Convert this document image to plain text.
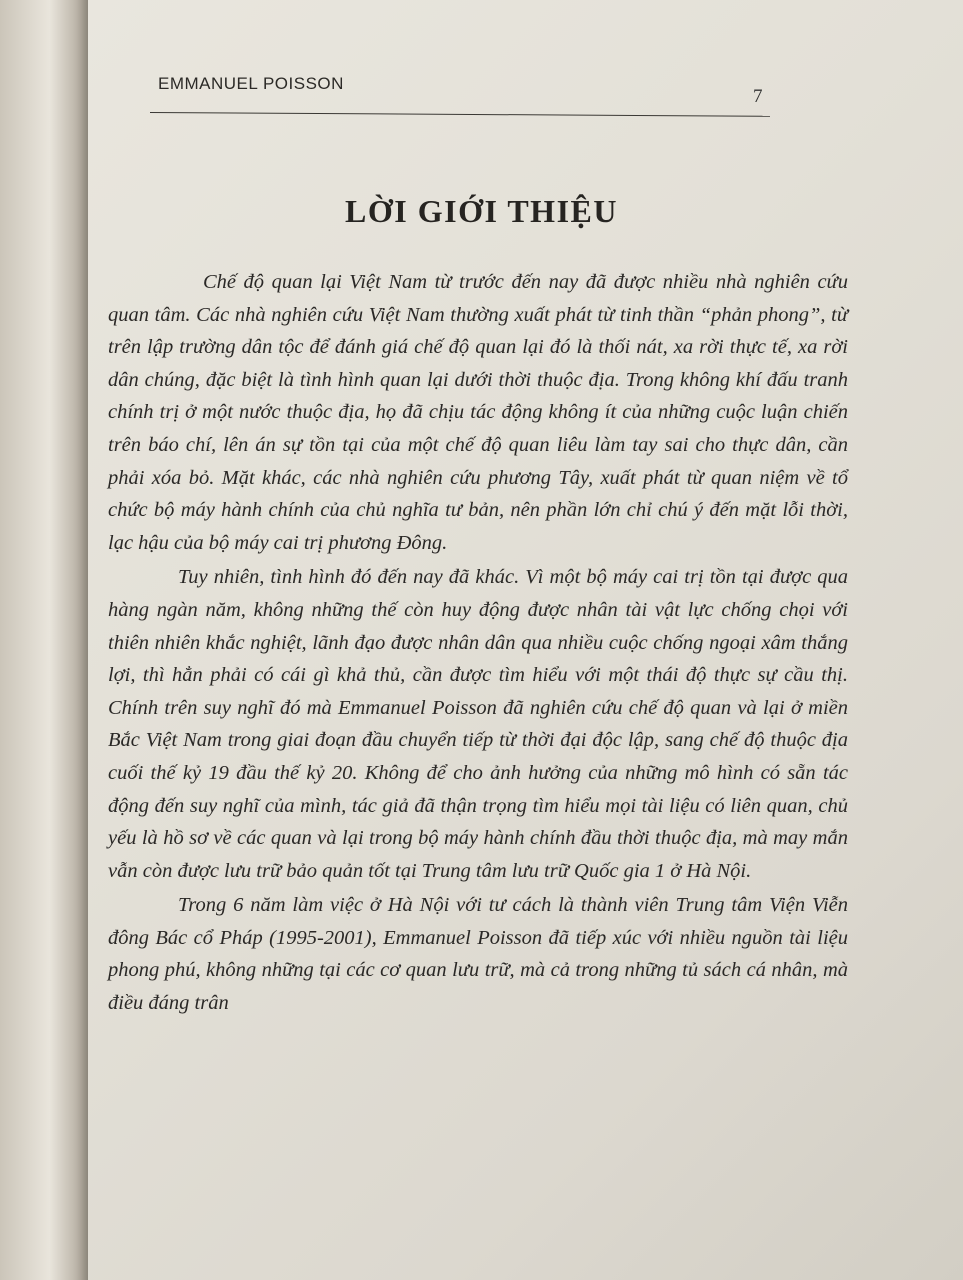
EMMANUEL POISSON
7
LỜI GIỚI THIỆU

Chế độ quan lại Việt Nam từ trước đến nay đã được nhiều nhà nghiên cứu quan tâm. Các nhà nghiên cứu Việt Nam thường xuất phát từ tinh thần “phản phong”, từ trên lập trường dân tộc để đánh giá chế độ quan lại đó là thối nát, xa rời thực tế, xa rời dân chúng, đặc biệt là tình hình quan lại dưới thời thuộc địa. Trong không khí đấu tranh chính trị ở một nước thuộc địa, họ đã chịu tác động không ít của những cuộc luận chiến trên báo chí, lên án sự tồn tại của một chế độ quan liêu làm tay sai cho thực dân, cần phải xóa bỏ. Mặt khác, các nhà nghiên cứu phương Tây, xuất phát từ quan niệm về tổ chức bộ máy hành chính của chủ nghĩa tư bản, nên phần lớn chỉ chú ý đến mặt lỗi thời, lạc hậu của bộ máy cai trị phương Đông.

Tuy nhiên, tình hình đó đến nay đã khác. Vì một bộ máy cai trị tồn tại được qua hàng ngàn năm, không những thế còn huy động được nhân tài vật lực chống chọi với thiên nhiên khắc nghiệt, lãnh đạo được nhân dân qua nhiều cuộc chống ngoại xâm thắng lợi, thì hẳn phải có cái gì khả thủ, cần được tìm hiểu với một thái độ thực sự cầu thị. Chính trên suy nghĩ đó mà Emmanuel Poisson đã nghiên cứu chế độ quan và lại ở miền Bắc Việt Nam trong giai đoạn đầu chuyển tiếp từ thời đại độc lập, sang chế độ thuộc địa cuối thế kỷ 19 đầu thế kỷ 20. Không để cho ảnh hưởng của những mô hình có sẵn tác động đến suy nghĩ của mình, tác giả đã thận trọng tìm hiểu mọi tài liệu có liên quan, chủ yếu là hồ sơ về các quan và lại trong bộ máy hành chính đầu thời thuộc địa, mà may mắn vẫn còn được lưu trữ bảo quản tốt tại Trung tâm lưu trữ Quốc gia 1 ở Hà Nội.

Trong 6 năm làm việc ở Hà Nội với tư cách là thành viên Trung tâm Viện Viễn đông Bác cổ Pháp (1995-2001), Emmanuel Poisson đã tiếp xúc với nhiều nguồn tài liệu phong phú, không những tại các cơ quan lưu trữ, mà cả trong những tủ sách cá nhân, mà điều đáng trân
